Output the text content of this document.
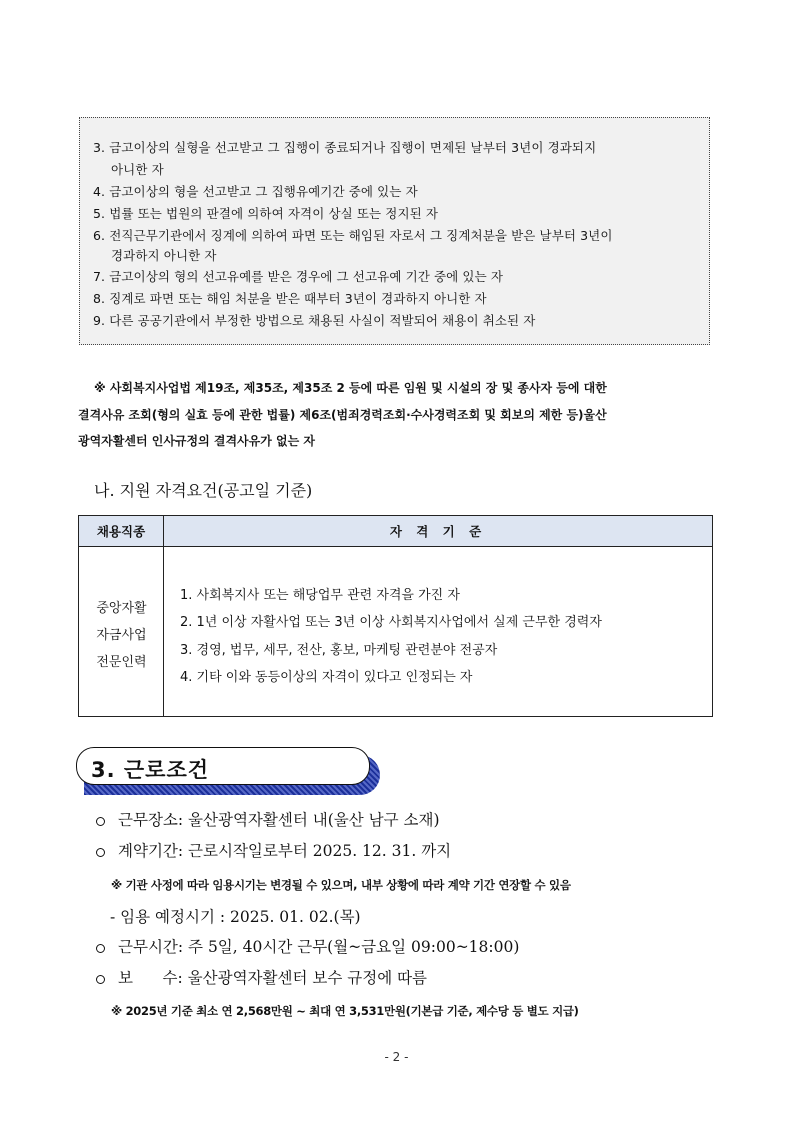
3. 금고이상의 실형을 선고받고 그 집행이 종료되거나 집행이 면제된 날부터 3년이 경과되지
아니한 자
4. 금고이상의 형을 선고받고 그 집행유예기간 중에 있는 자
5. 법률 또는 법원의 판결에 의하여 자격이 상실 또는 정지된 자
6. 전직근무기관에서 징계에 의하여 파면 또는 해임된 자로서 그 징계처분을 받은 날부터 3년이
경과하지 아니한 자
7. 금고이상의 형의 선고유예를 받은 경우에 그 선고유예 기간 중에 있는 자
8. 징계로 파면 또는 해임 처분을 받은 때부터 3년이 경과하지 아니한 자
9. 다른 공공기관에서 부정한 방법으로 채용된 사실이 적발되어 채용이 취소된 자
※ 사회복지사업법 제19조, 제35조, 제35조 2 등에 따른 임원 및 시설의 장 및 종사자 등에 대한
결격사유 조회(형의 실효 등에 관한 법률) 제6조(범죄경력조회·수사경력조회 및 회보의 제한 등)울산
광역자활센터 인사규정의 결격사유가 없는 자
나. 지원 자격요건(공고일 기준)
채용직종	자 격 기 준
중앙자활
자금사업
전문인력
1. 사회복지사 또는 해당업무 관련 자격을 가진 자
2. 1년 이상 자활사업 또는 3년 이상 사회복지사업에서 실제 근무한 경력자
3. 경영, 법무, 세무, 전산, 홍보, 마케팅 관련분야 전공자
4. 기타 이와 동등이상의 자격이 있다고 인정되는 자
3. 근로조건
근무장소: 울산광역자활센터 내(울산 남구 소재)
계약기간: 근로시작일로부터 2025. 12. 31. 까지
※ 기관 사정에 따라 임용시기는 변경될 수 있으며, 내부 상황에 따라 계약 기간 연장할 수 있음
- 임용 예정시기 : 2025. 01. 02.(목)
근무시간: 주 5일, 40시간 근무(월~금요일 09:00~18:00)
보      수: 울산광역자활센터 보수 규정에 따름
※ 2025년 기준 최소 연 2,568만원 ~ 최대 연 3,531만원(기본급 기준, 제수당 등 별도 지급)
- 2 -
